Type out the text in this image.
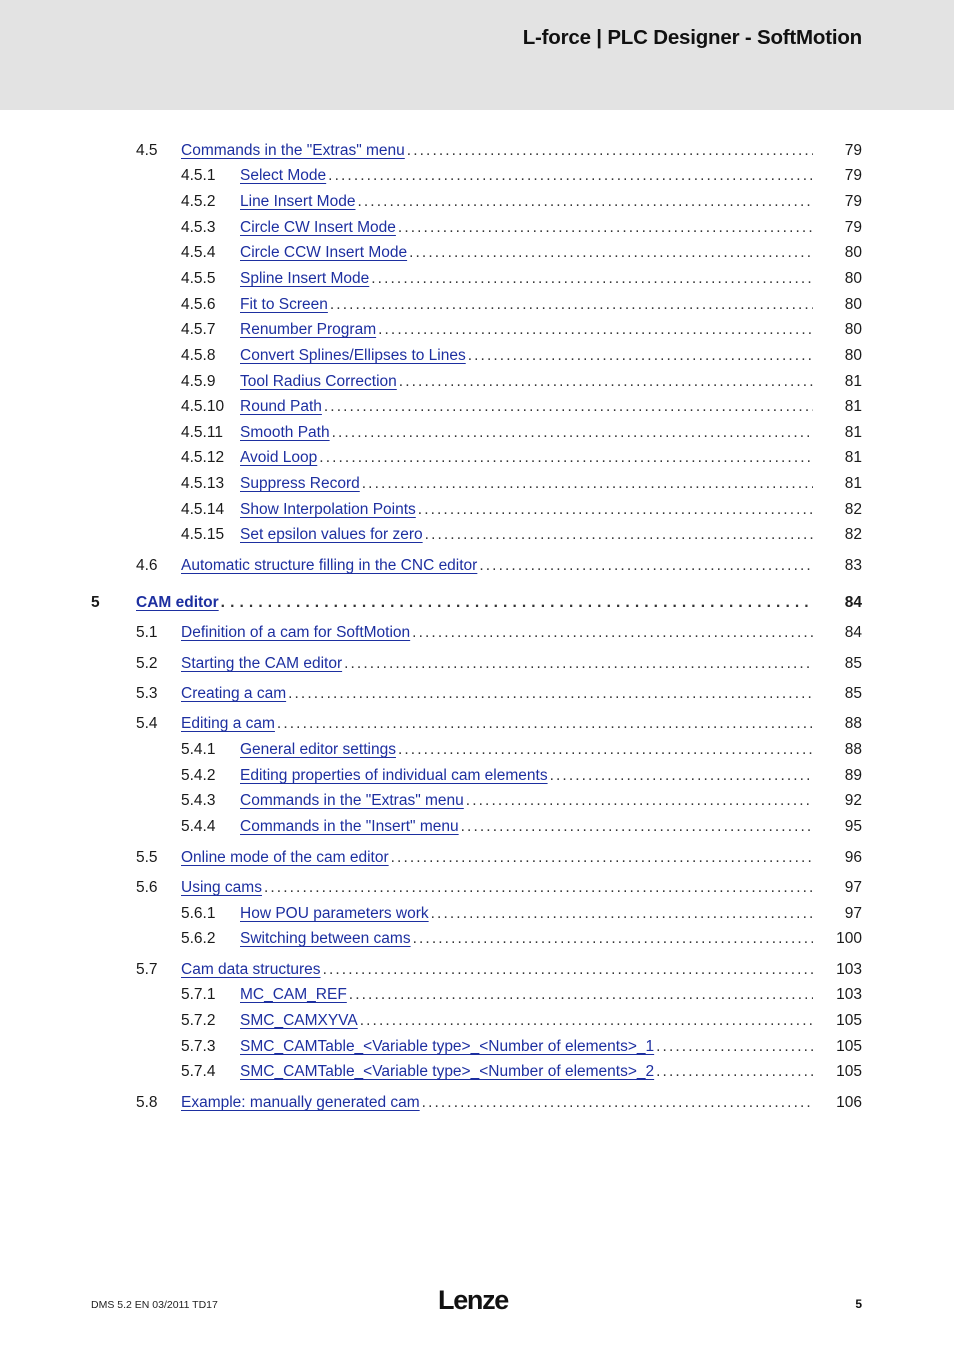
L-force | PLC Designer - SoftMotion
4.5 Commands in the "Extras" menu . . .	79
4.5.1 Select Mode . . .	79
4.5.2 Line Insert Mode . . .	79
4.5.3 Circle CW Insert Mode . . .	79
4.5.4 Circle CCW Insert Mode . . .	80
4.5.5 Spline Insert Mode . . .	80
4.5.6 Fit to Screen . . .	80
4.5.7 Renumber Program . . .	80
4.5.8 Convert Splines/Ellipses to Lines . . .	80
4.5.9 Tool Radius Correction . . .	81
4.5.10 Round Path . . .	81
4.5.11 Smooth Path . . .	81
4.5.12 Avoid Loop . . .	81
4.5.13 Suppress Record . . .	81
4.5.14 Show Interpolation Points . . .	82
4.5.15 Set epsilon values for zero . . .	82
4.6 Automatic structure filling in the CNC editor . . .	83
5 CAM editor . . .	84
5.1 Definition of a cam for SoftMotion . . .	84
5.2 Starting the CAM editor . . .	85
5.3 Creating a cam . . .	85
5.4 Editing a cam . . .	88
5.4.1 General editor settings . . .	88
5.4.2 Editing properties of individual cam elements . . .	89
5.4.3 Commands in the "Extras" menu . . .	92
5.4.4 Commands in the "Insert" menu . . .	95
5.5 Online mode of the cam editor . . .	96
5.6 Using cams . . .	97
5.6.1 How POU parameters work . . .	97
5.6.2 Switching between cams . . .	100
5.7 Cam data structures . . .	103
5.7.1 MC_CAM_REF . . .	103
5.7.2 SMC_CAMXYVA . . .	105
5.7.3 SMC_CAMTable_<Variable type>_<Number of elements>_1 . . .	105
5.7.4 SMC_CAMTable_<Variable type>_<Number of elements>_2 . . .	105
5.8 Example: manually generated cam . . .	106
DMS 5.2 EN 03/2011 TD17	Lenze	5
